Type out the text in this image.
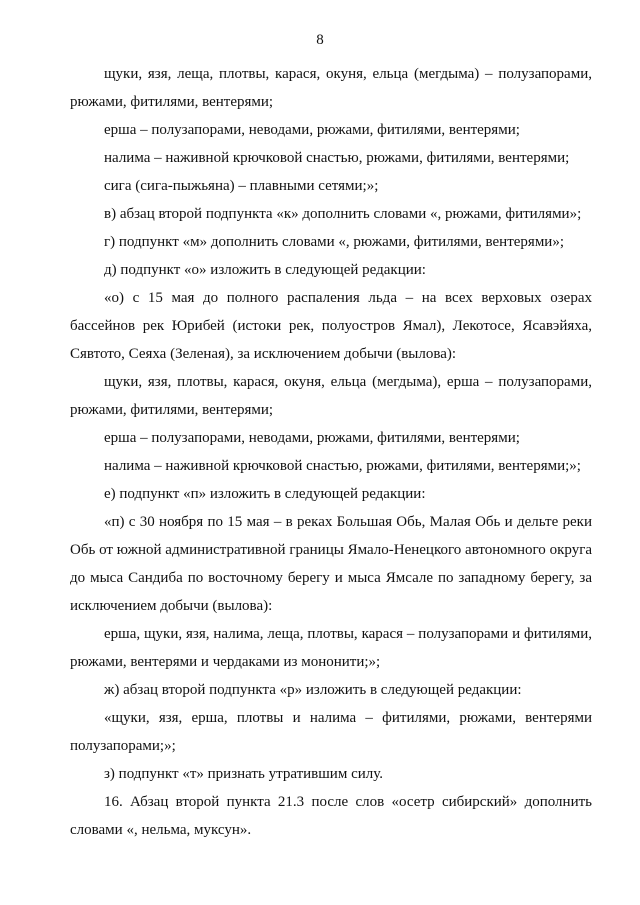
8

щуки, язя, леща, плотвы, карася, окуня, ельца (мегдыма) – полузапорами, рюжами, фитилями, вентерями;

ерша – полузапорами, неводами, рюжами, фитилями, вентерями;

налима – наживной крючковой снастью, рюжами, фитилями, вентерями;

сига (сига-пыжьяна) – плавными сетями;»;

в) абзац второй подпункта «к» дополнить словами «, рюжами, фитилями»;

г) подпункт «м» дополнить словами «, рюжами, фитилями, вентерями»;

д) подпункт «о» изложить в следующей редакции:

«о) с 15 мая до полного распаления льда – на всех верховых озерах бассейнов рек Юрибей (истоки рек, полуостров Ямал), Лекотосе, Ясавэйяха, Сявтото, Сеяха (Зеленая), за исключением добычи (вылова):

щуки, язя, плотвы, карася, окуня, ельца (мегдыма), ерша – полузапорами, рюжами, фитилями, вентерями;

ерша – полузапорами, неводами, рюжами, фитилями, вентерями;

налима – наживной крючковой снастью, рюжами, фитилями, вентерями;»;

е) подпункт «п» изложить в следующей редакции:

«п) с 30 ноября по 15 мая – в реках Большая Обь, Малая Обь и дельте реки Обь от южной административной границы Ямало-Ненецкого автономного округа до мыса Сандиба по восточному берегу и мыса Ямсале по западному берегу, за исключением добычи (вылова):

ерша, щуки, язя, налима, леща, плотвы, карася – полузапорами и фитилями, рюжами, вентерями и чердаками из мононити;»;

ж) абзац второй подпункта «р» изложить в следующей редакции:

«щуки, язя, ерша, плотвы и налима – фитилями, рюжами, вентерями полузапорами;»;

з) подпункт «т» признать утратившим силу.

16. Абзац второй пункта 21.3 после слов «осетр сибирский» дополнить словами «, нельма, муксун».
